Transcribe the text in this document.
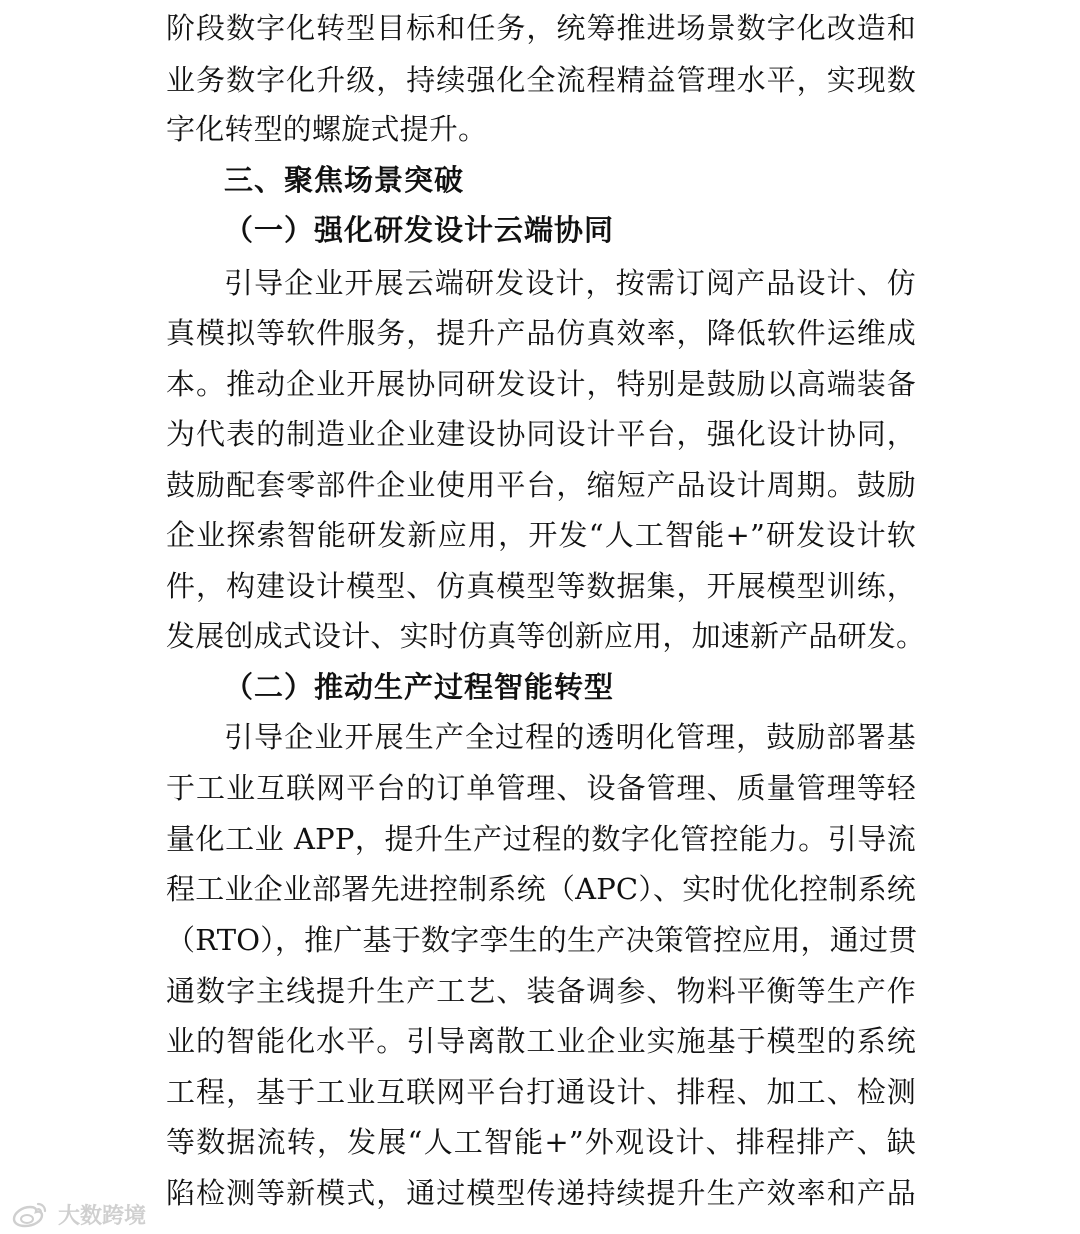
阶段数字化转型目标和任务，统筹推进场景数字化改造和
业务数字化升级，持续强化全流程精益管理水平，实现数
字化转型的螺旋式提升。
三、聚焦场景突破
（一）强化研发设计云端协同
引导企业开展云端研发设计，按需订阅产品设计、仿
真模拟等软件服务，提升产品仿真效率，降低软件运维成
本。推动企业开展协同研发设计，特别是鼓励以高端装备
为代表的制造业企业建设协同设计平台，强化设计协同，
鼓励配套零部件企业使用平台，缩短产品设计周期。鼓励
企业探索智能研发新应用，开发“人工智能+”研发设计软
件，构建设计模型、仿真模型等数据集，开展模型训练，
发展创成式设计、实时仿真等创新应用，加速新产品研发。
（二）推动生产过程智能转型
引导企业开展生产全过程的透明化管理，鼓励部署基
于工业互联网平台的订单管理、设备管理、质量管理等轻
量化工业 APP，提升生产过程的数字化管控能力。引导流
程工业企业部署先进控制系统（APC）、实时优化控制系统
（RTO），推广基于数字孪生的生产决策管控应用，通过贯
通数字主线提升生产工艺、装备调参、物料平衡等生产作
业的智能化水平。引导离散工业企业实施基于模型的系统
工程，基于工业互联网平台打通设计、排程、加工、检测
等数据流转，发展“人工智能+”外观设计、排程排产、缺
陷检测等新模式，通过模型传递持续提升生产效率和产品
大数跨境
